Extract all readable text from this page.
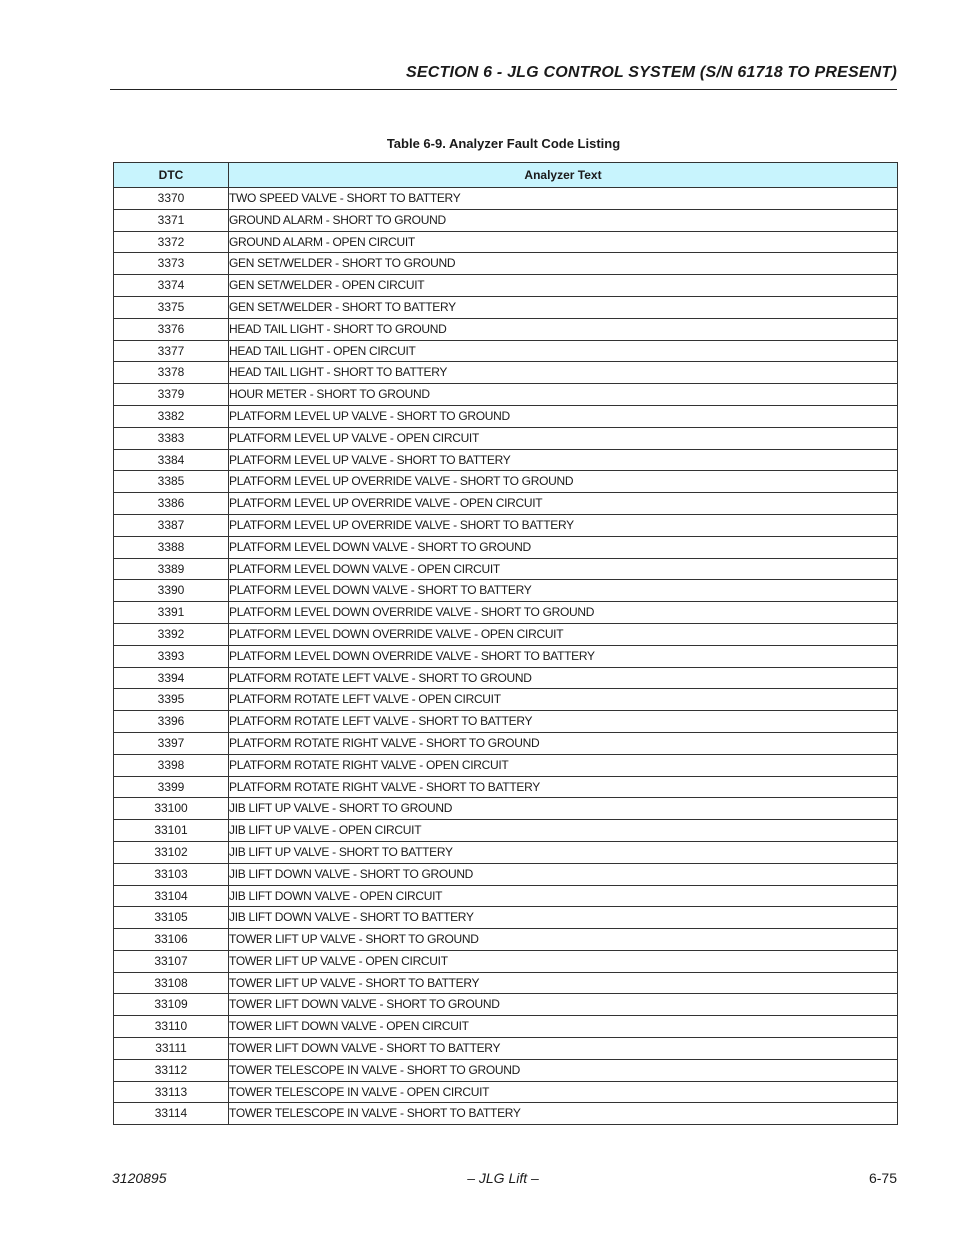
SECTION 6 - JLG CONTROL SYSTEM (S/N 61718 TO PRESENT)
Table 6-9. Analyzer Fault Code Listing
DTC	Analyzer Text
3370	TWO SPEED VALVE - SHORT TO BATTERY
3371	GROUND ALARM - SHORT TO GROUND
3372	GROUND ALARM - OPEN CIRCUIT
3373	GEN SET/WELDER - SHORT TO GROUND
3374	GEN SET/WELDER - OPEN CIRCUIT
3375	GEN SET/WELDER - SHORT TO BATTERY
3376	HEAD TAIL LIGHT - SHORT TO GROUND
3377	HEAD TAIL LIGHT - OPEN CIRCUIT
3378	HEAD TAIL LIGHT - SHORT TO BATTERY
3379	HOUR METER - SHORT TO GROUND
3382	PLATFORM LEVEL UP VALVE - SHORT TO GROUND
3383	PLATFORM LEVEL UP VALVE - OPEN CIRCUIT
3384	PLATFORM LEVEL UP VALVE - SHORT TO BATTERY
3385	PLATFORM LEVEL UP OVERRIDE VALVE - SHORT TO GROUND
3386	PLATFORM LEVEL UP OVERRIDE VALVE - OPEN CIRCUIT
3387	PLATFORM LEVEL UP OVERRIDE VALVE - SHORT TO BATTERY
3388	PLATFORM LEVEL DOWN VALVE - SHORT TO GROUND
3389	PLATFORM LEVEL DOWN VALVE - OPEN CIRCUIT
3390	PLATFORM LEVEL DOWN VALVE - SHORT TO BATTERY
3391	PLATFORM LEVEL DOWN OVERRIDE VALVE - SHORT TO GROUND
3392	PLATFORM LEVEL DOWN OVERRIDE VALVE - OPEN CIRCUIT
3393	PLATFORM LEVEL DOWN OVERRIDE VALVE - SHORT TO BATTERY
3394	PLATFORM ROTATE LEFT VALVE - SHORT TO GROUND
3395	PLATFORM ROTATE LEFT VALVE - OPEN CIRCUIT
3396	PLATFORM ROTATE LEFT VALVE - SHORT TO BATTERY
3397	PLATFORM ROTATE RIGHT VALVE - SHORT TO GROUND
3398	PLATFORM ROTATE RIGHT VALVE - OPEN CIRCUIT
3399	PLATFORM ROTATE RIGHT VALVE - SHORT TO BATTERY
33100	JIB LIFT UP VALVE - SHORT TO GROUND
33101	JIB LIFT UP VALVE - OPEN CIRCUIT
33102	JIB LIFT UP VALVE - SHORT TO BATTERY
33103	JIB LIFT DOWN VALVE - SHORT TO GROUND
33104	JIB LIFT DOWN VALVE - OPEN CIRCUIT
33105	JIB LIFT DOWN VALVE - SHORT TO BATTERY
33106	TOWER LIFT UP VALVE - SHORT TO GROUND
33107	TOWER LIFT UP VALVE - OPEN CIRCUIT
33108	TOWER LIFT UP VALVE - SHORT TO BATTERY
33109	TOWER LIFT DOWN VALVE - SHORT TO GROUND
33110	TOWER LIFT DOWN VALVE - OPEN CIRCUIT
33111	TOWER LIFT DOWN VALVE - SHORT TO BATTERY
33112	TOWER TELESCOPE IN VALVE - SHORT TO GROUND
33113	TOWER TELESCOPE IN VALVE - OPEN CIRCUIT
33114	TOWER TELESCOPE IN VALVE - SHORT TO BATTERY
3120895	– JLG Lift –	6-75
